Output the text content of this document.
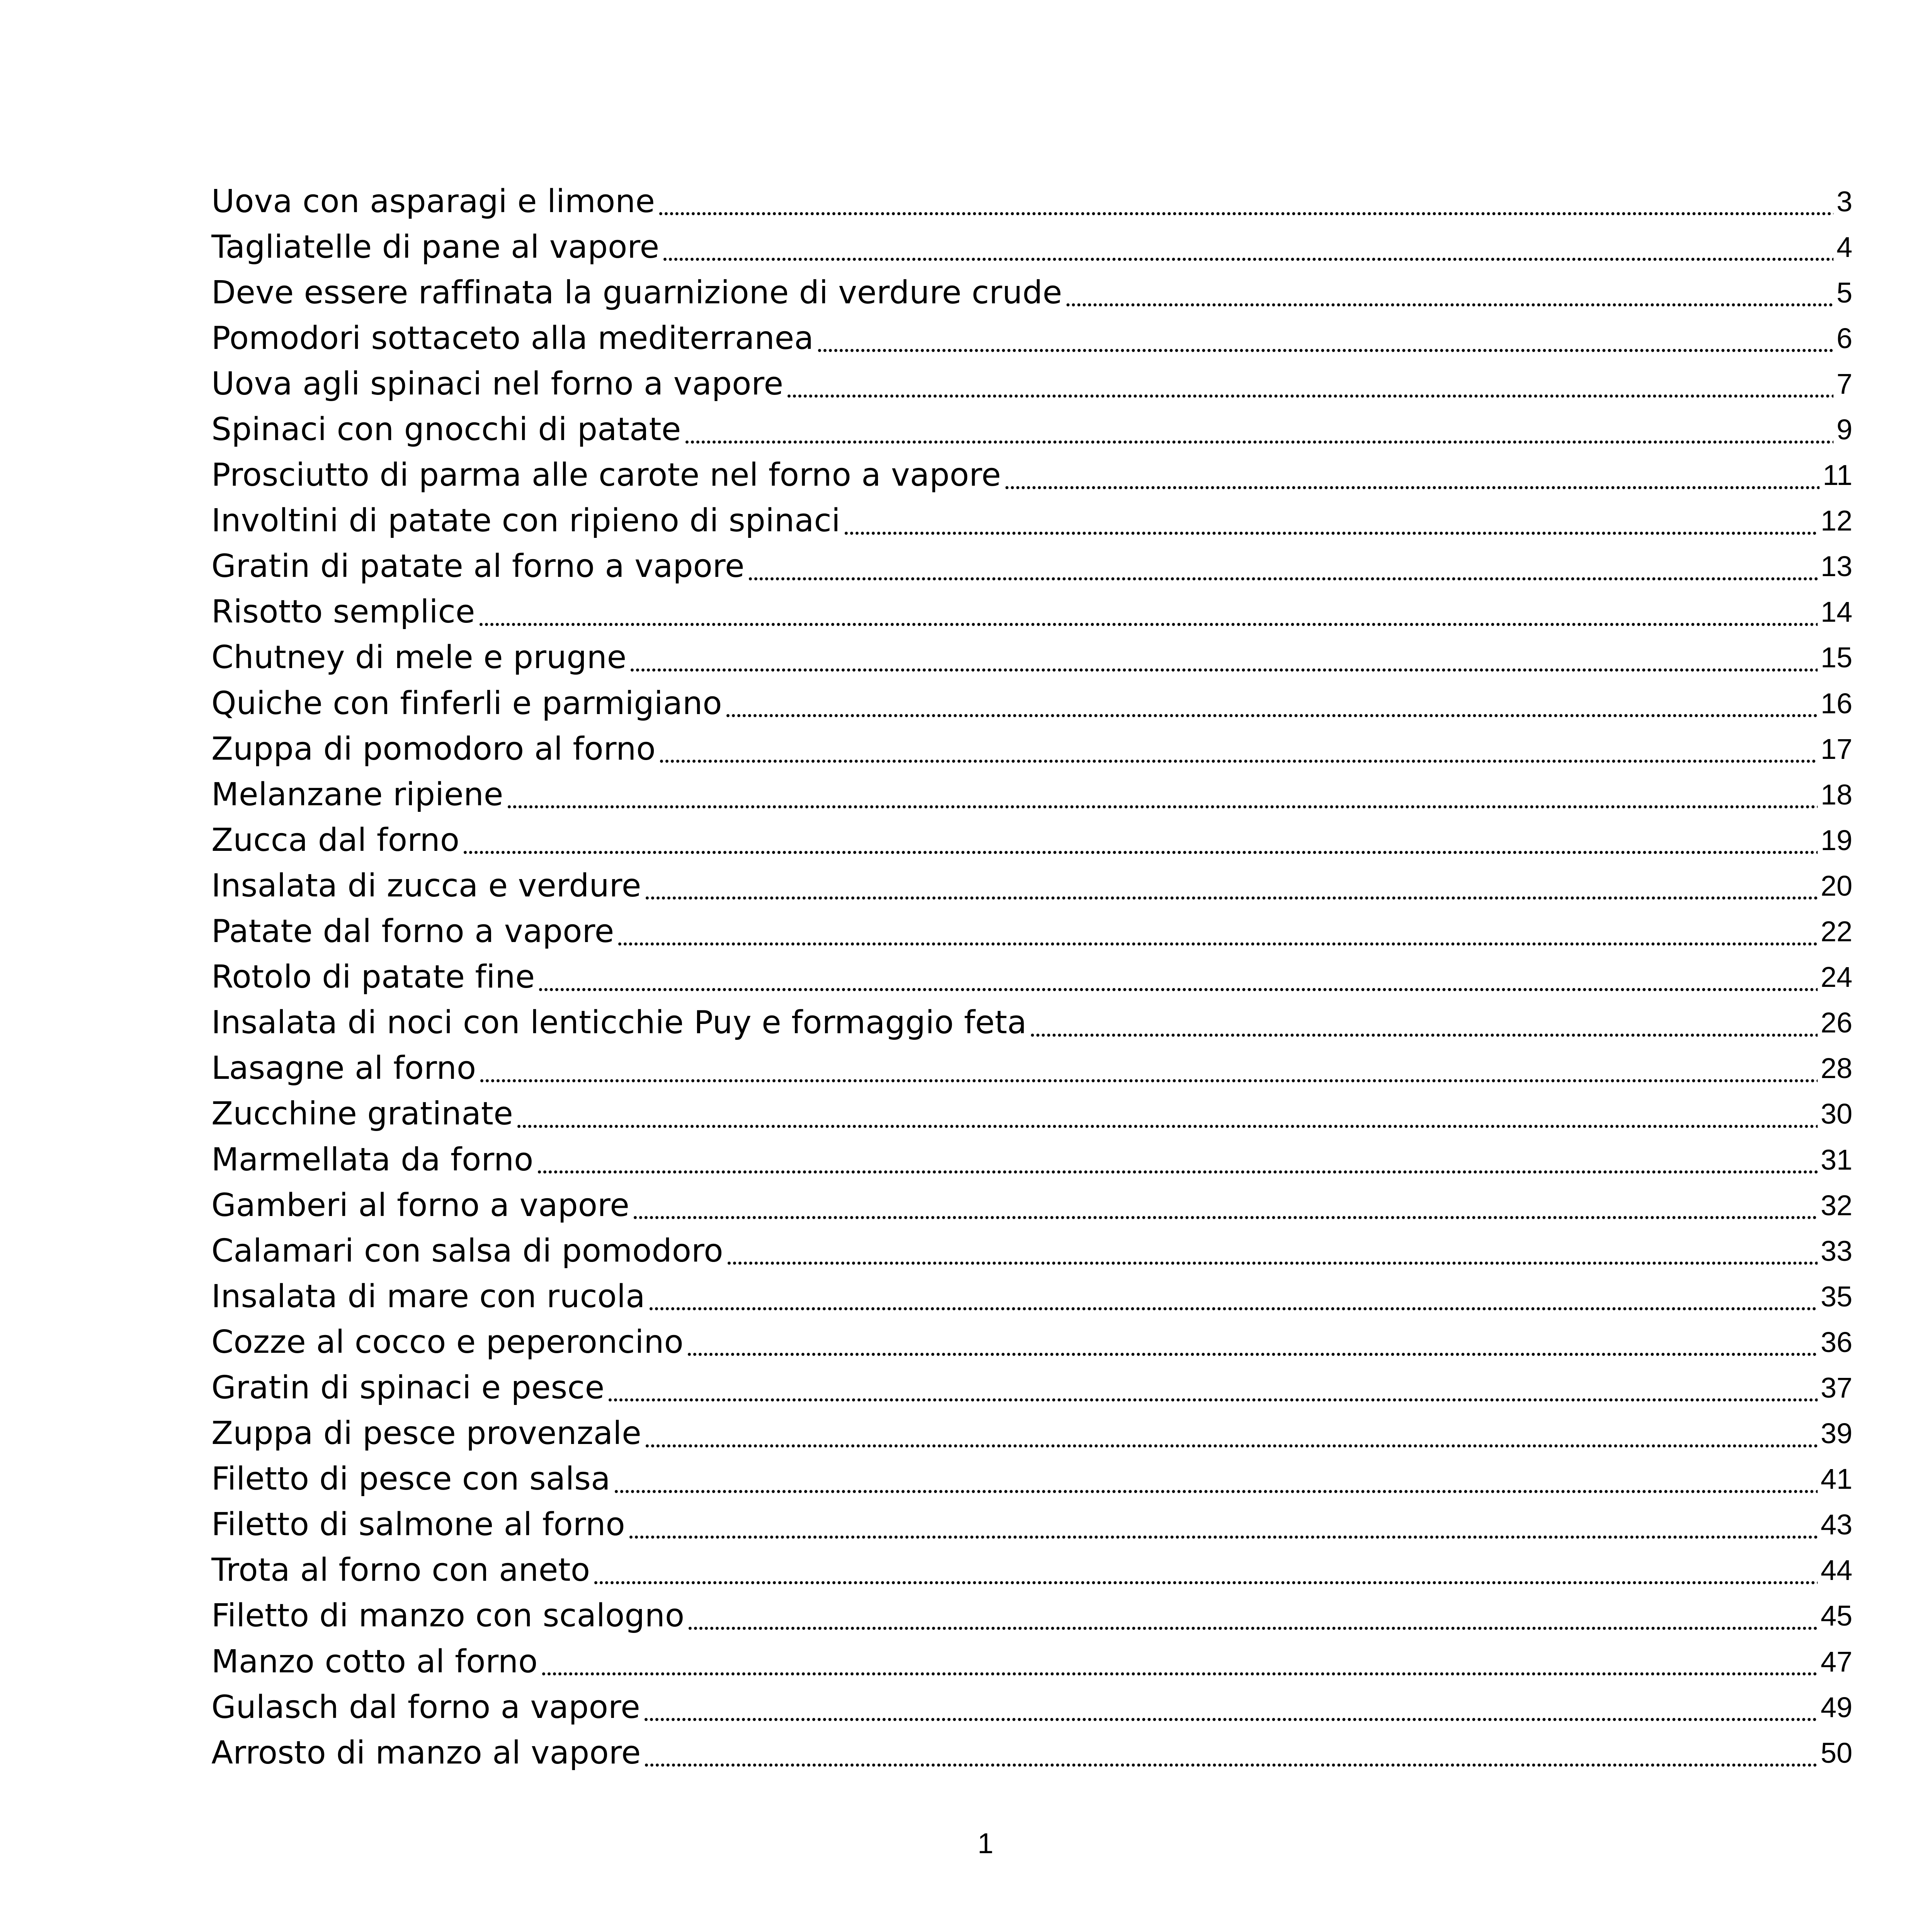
Uova con asparagi e limone	3
Tagliatelle di pane al vapore	4
Deve essere raffinata la guarnizione di verdure crude	5
Pomodori sottaceto alla mediterranea	6
Uova agli spinaci nel forno a vapore	7
Spinaci con gnocchi di patate	9
Prosciutto di parma alle carote nel forno a vapore	11
Involtini di patate con ripieno di spinaci	12
Gratin di patate al forno a vapore	13
Risotto semplice	14
Chutney di mele e prugne	15
Quiche con finferli e parmigiano	16
Zuppa di pomodoro al forno	17
Melanzane ripiene	18
Zucca dal forno	19
Insalata di zucca e verdure	20
Patate dal forno a vapore	22
Rotolo di patate fine	24
Insalata di noci con lenticchie Puy e formaggio feta	26
Lasagne al forno	28
Zucchine gratinate	30
Marmellata da forno	31
Gamberi al forno a vapore	32
Calamari con salsa di pomodoro	33
Insalata di mare con rucola	35
Cozze al cocco e peperoncino	36
Gratin di spinaci e pesce	37
Zuppa di pesce provenzale	39
Filetto di pesce con salsa	41
Filetto di salmone al forno	43
Trota al forno con aneto	44
Filetto di manzo con scalogno	45
Manzo cotto al forno	47
Gulasch dal forno a vapore	49
Arrosto di manzo al vapore	50
1
